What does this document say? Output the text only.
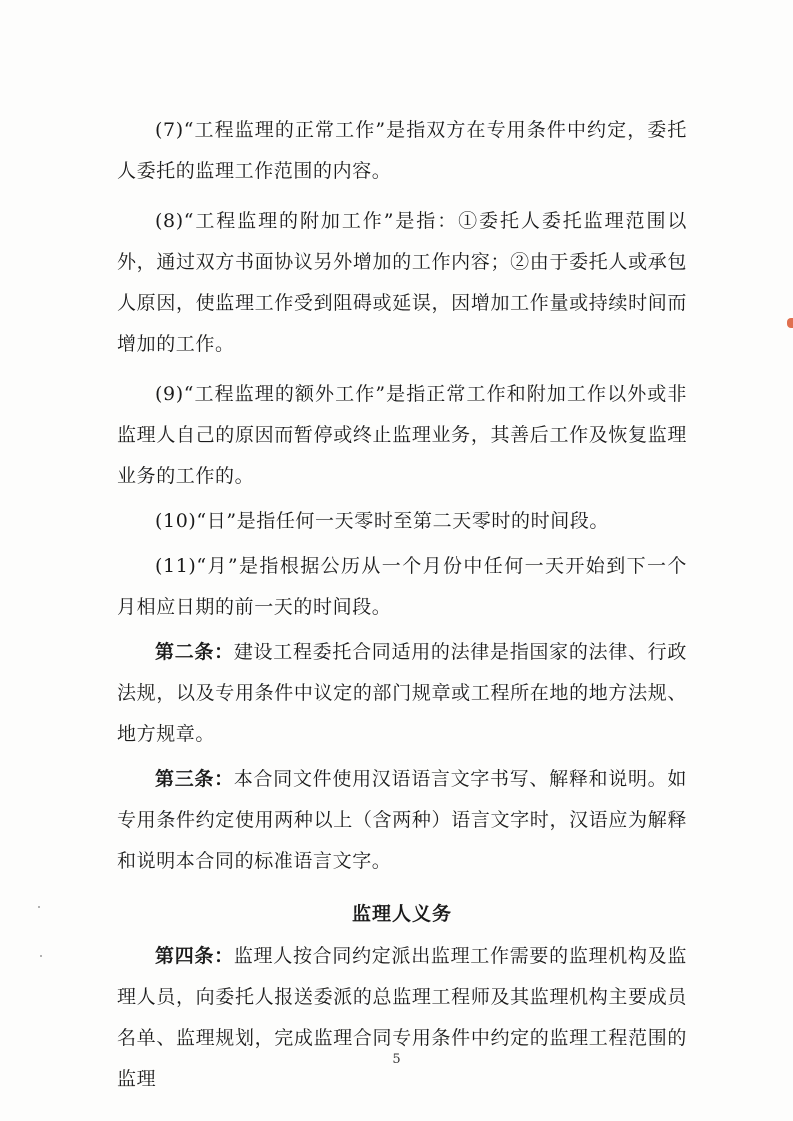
(7)“工程监理的正常工作”是指双方在专用条件中约定，委托人委托的监理工作范围的内容。

(8)“工程监理的附加工作”是指：①委托人委托监理范围以外，通过双方书面协议另外增加的工作内容；②由于委托人或承包人原因，使监理工作受到阻碍或延误，因增加工作量或持续时间而增加的工作。

(9)“工程监理的额外工作”是指正常工作和附加工作以外或非监理人自己的原因而暂停或终止监理业务，其善后工作及恢复监理业务的工作的。

(10)“日”是指任何一天零时至第二天零时的时间段。

(11)“月”是指根据公历从一个月份中任何一天开始到下一个月相应日期的前一天的时间段。

第二条：建设工程委托合同适用的法律是指国家的法律、行政法规，以及专用条件中议定的部门规章或工程所在地的地方法规、地方规章。

第三条：本合同文件使用汉语语言文字书写、解释和说明。如专用条件约定使用两种以上（含两种）语言文字时，汉语应为解释和说明本合同的标准语言文字。

监理人义务

第四条：监理人按合同约定派出监理工作需要的监理机构及监理人员，向委托人报送委派的总监理工程师及其监理机构主要成员名单、监理规划，完成监理合同专用条件中约定的监理工程范围的监理

5
